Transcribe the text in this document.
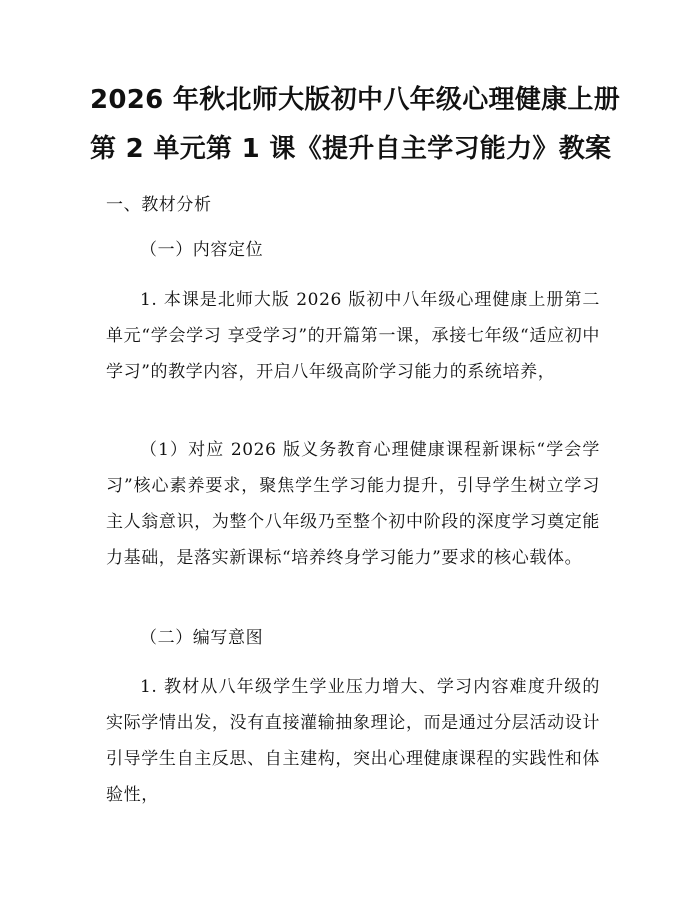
2026 年秋北师大版初中八年级心理健康上册
第 2 单元第 1 课《提升自主学习能力》教案
一、教材分析
（一）内容定位
1. 本课是北师大版 2026 版初中八年级心理健康上册第二单元“学会学习 享受学习”的开篇第一课，承接七年级“适应初中学习”的教学内容，开启八年级高阶学习能力的系统培养，
（1）对应 2026 版义务教育心理健康课程新课标“学会学习”核心素养要求，聚焦学生学习能力提升，引导学生树立学习主人翁意识，为整个八年级乃至整个初中阶段的深度学习奠定能力基础，是落实新课标“培养终身学习能力”要求的核心载体。
（二）编写意图
1. 教材从八年级学生学业压力增大、学习内容难度升级的实际学情出发，没有直接灌输抽象理论，而是通过分层活动设计引导学生自主反思、自主建构，突出心理健康课程的实践性和体验性，
